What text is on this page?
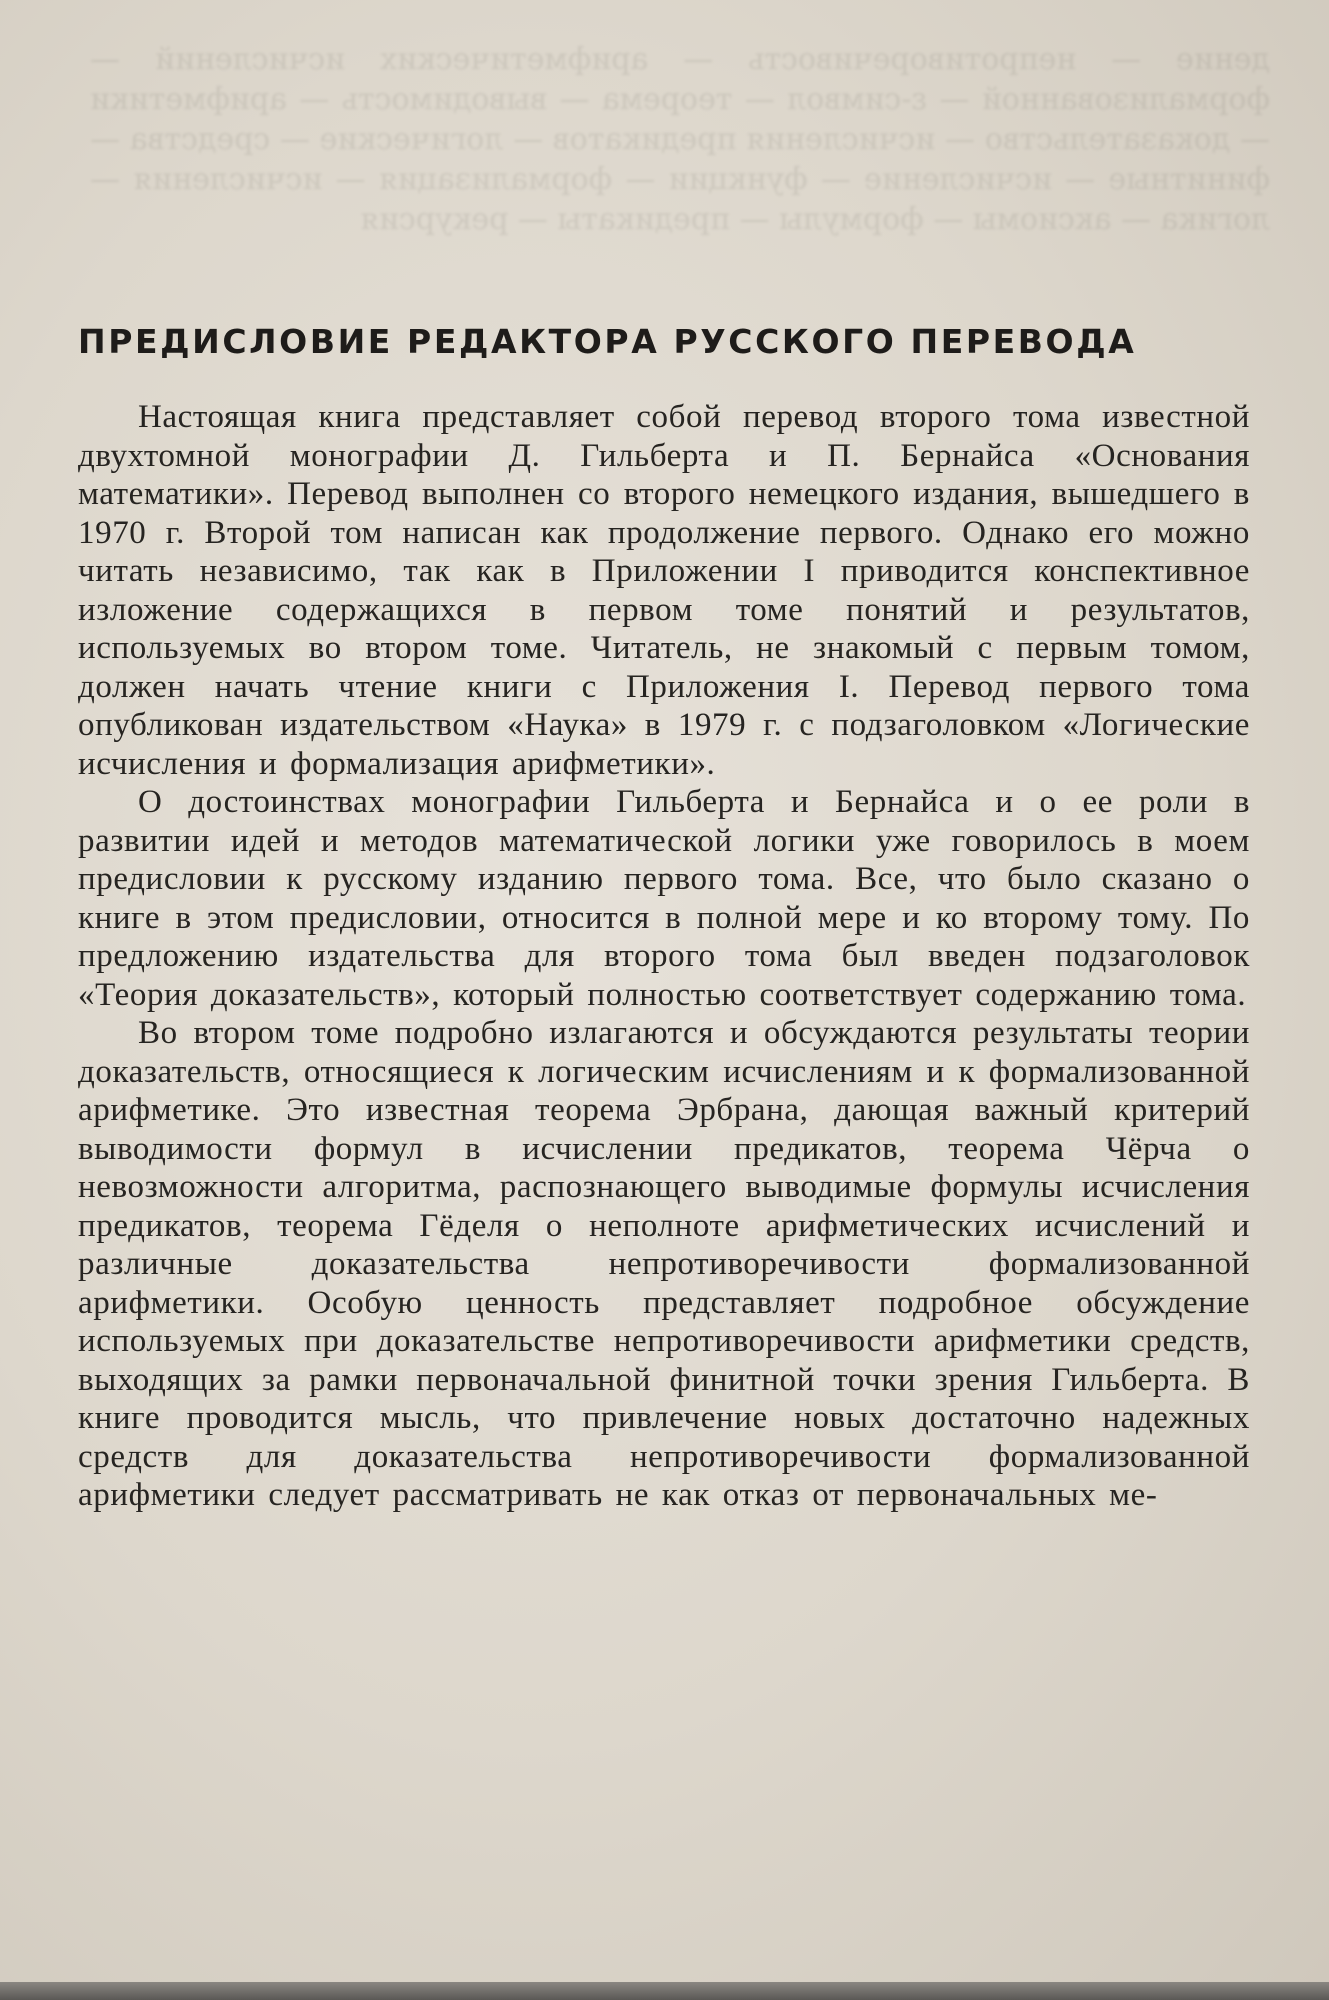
дение — непротиворечивость — арифметических исчислений — формализованной — ε-символ — теорема — выводимость — арифметики — доказательство — исчисления предикатов — логические — средства — финитные — исчисление — функции — формализация — исчисления — логика — аксиомы — формулы — предикаты — рекурсия

ПРЕДИСЛОВИЕ РЕДАКТОРА РУССКОГО ПЕРЕВОДА

Настоящая книга представляет собой перевод второго тома известной двухтомной монографии Д. Гильберта и П. Бернайса «Основания математики». Перевод выполнен со второго немецкого издания, вышедшего в 1970 г. Второй том написан как продолжение первого. Однако его можно читать независимо, так как в Приложении I приводится конспективное изложение содержащихся в первом томе понятий и результатов, используемых во втором томе. Читатель, не знакомый с первым томом, должен начать чтение книги с Приложения I. Перевод первого тома опубликован издательством «Наука» в 1979 г. с подзаголовком «Логические исчисления и формализация арифметики».

О достоинствах монографии Гильберта и Бернайса и о ее роли в развитии идей и методов математической логики уже говорилось в моем предисловии к русскому изданию первого тома. Все, что было сказано о книге в этом предисловии, относится в полной мере и ко второму тому. По предложению издательства для второго тома был введен подзаголовок «Теория доказательств», который полностью соответствует содержанию тома.

Во втором томе подробно излагаются и обсуждаются результаты теории доказательств, относящиеся к логическим исчислениям и к формализованной арифметике. Это известная теорема Эрбрана, дающая важный критерий выводимости формул в исчислении предикатов, теорема Чёрча о невозможности алгоритма, распознающего выводимые формулы исчисления предикатов, теорема Гёделя о неполноте арифметических исчислений и различные доказательства непротиворечивости формализованной арифметики. Особую ценность представляет подробное обсуждение используемых при доказательстве непротиворечивости арифметики средств, выходящих за рамки первоначальной финитной точки зрения Гильберта. В книге проводится мысль, что привлечение новых достаточно надежных средств для доказательства непротиворечивости формализованной арифметики следует рассматривать не как отказ от первоначальных ме-
